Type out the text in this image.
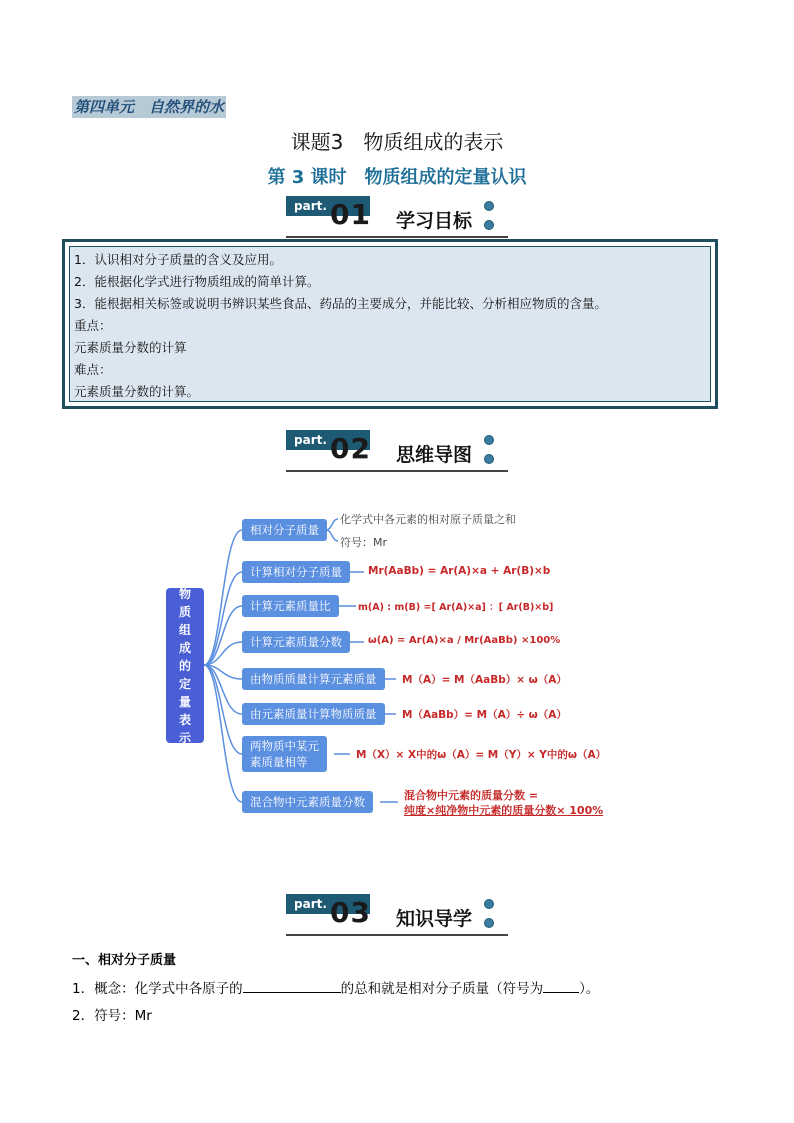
第四单元　自然界的水
课题3　物质组成的表示
第 3 课时　物质组成的定量认识
part. 01 学习目标
1．认识相对分子质量的含义及应用。
2．能根据化学式进行物质组成的简单计算。
3．能根据相关标签或说明书辨识某些食品、药品的主要成分，并能比较、分析相应物质的含量。
重点：
元素质量分数的计算
难点：
元素质量分数的计算。
part. 02 思维导图
物
质
组
成
的
定
量
表
示
相对分子质量
化学式中各元素的相对原子质量之和
符号：Mr
计算相对分子质量	Mr(AaBb) = Ar(A)×a + Ar(B)×b
计算元素质量比	m(A) : m(B) =[ Ar(A)×a] ：[ Ar(B)×b]
计算元素质量分数	ω(A) = Ar(A)×a / Mr(AaBb) ×100%
由物质质量计算元素质量	M（A）= M（AaBb）× ω（A）
由元素质量计算物质质量	M（AaBb）= M（A）÷ ω（A）
两物质中某元
素质量相等	M（X）× X中的ω（A）= M（Y）× Y中的ω（A）
混合物中元素质量分数	混合物中元素的质量分数 =
纯度×纯净物中元素的质量分数× 100%
part. 03 知识导学
一、相对分子质量
1．概念：化学式中各原子的	的总和就是相对分子质量（符号为	）。
2．符号：Mr
